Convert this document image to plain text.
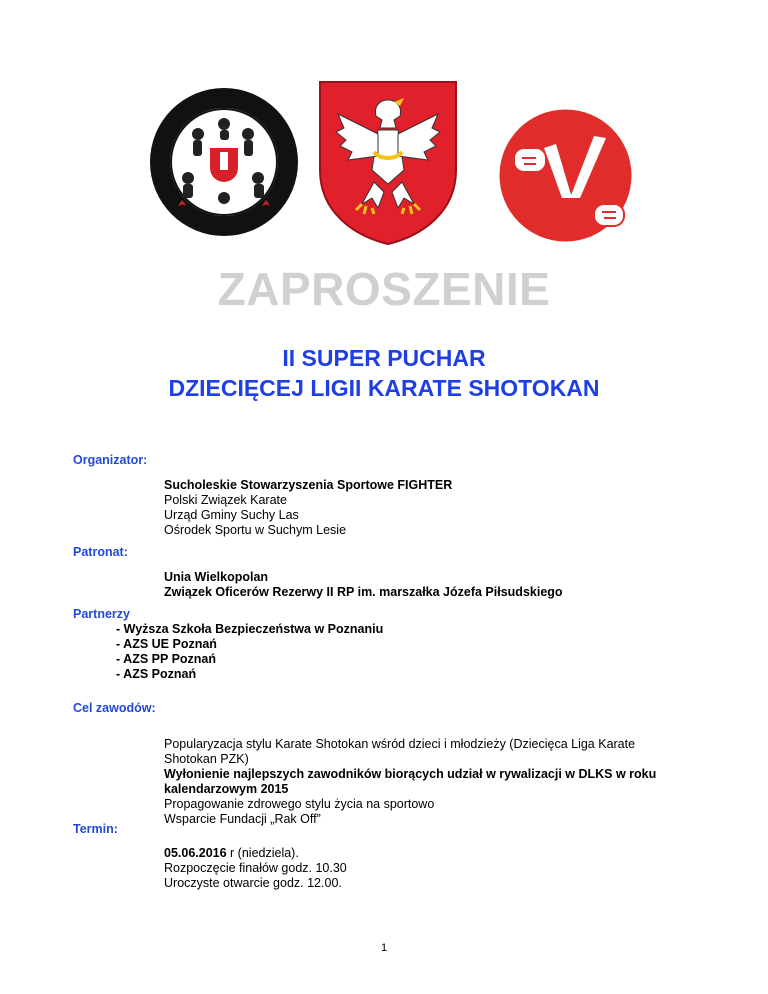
ZAPROSZENIE
II SUPER PUCHAR
DZIECIĘCEJ LIGII KARATE SHOTOKAN
Organizator:
Sucholeskie Stowarzyszenia Sportowe FIGHTER
Polski Związek Karate
Urząd Gminy Suchy Las
Ośrodek Sportu w Suchym Lesie
Patronat:
Unia Wielkopolan
Związek Oficerów Rezerwy II RP im. marszałka Józefa Piłsudskiego
Partnerzy
- Wyższa Szkoła Bezpieczeństwa w Poznaniu
- AZS UE Poznań
- AZS PP Poznań
- AZS Poznań
Cel zawodów:
Popularyzacja stylu Karate Shotokan wśród dzieci i młodzieży (Dziecięca Liga Karate
Shotokan PZK)
Wyłonienie najlepszych zawodników biorących udział w rywalizacji w DLKS w roku
kalendarzowym 2015
Propagowanie zdrowego stylu życia na sportowo
Wsparcie Fundacji „Rak Off”
Termin:
05.06.2016 r (niedziela).
Rozpoczęcie finałów godz. 10.30
Uroczyste otwarcie godz. 12.00.
1
